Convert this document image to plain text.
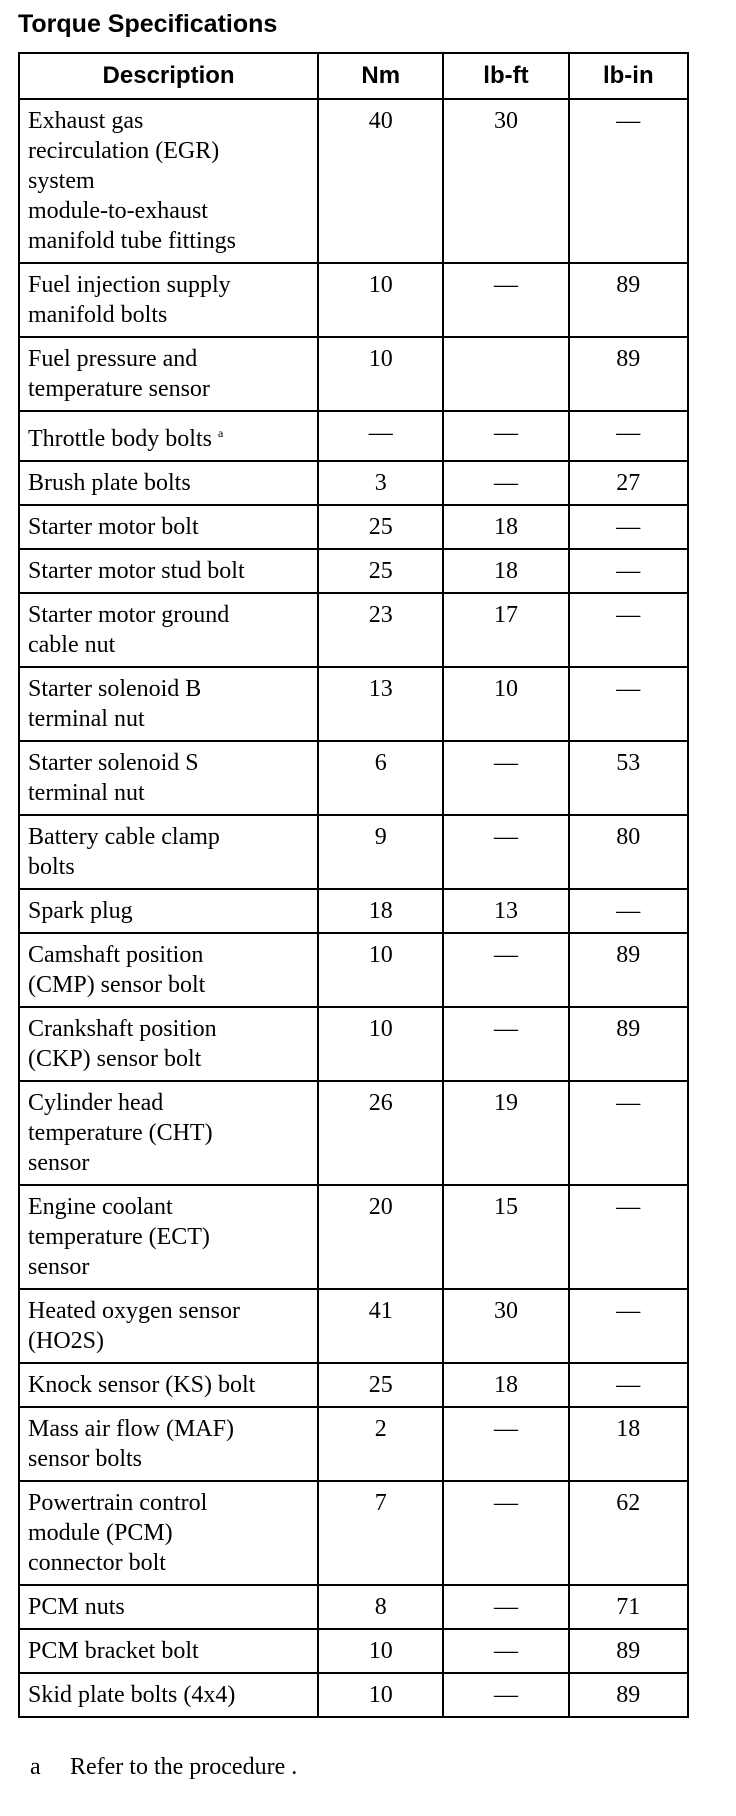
Torque Specifications
Description	Nm	lb-ft	lb-in
Exhaust gas
recirculation (EGR)
system
module-to-exhaust
manifold tube fittings	40	30	—
Fuel injection supply
manifold bolts	10	—	89
Fuel pressure and
temperature sensor	10		89
Throttle body bolts $^a$	—	—	—
Brush plate bolts	3	—	27
Starter motor bolt	25	18	—
Starter motor stud bolt	25	18	—
Starter motor ground
cable nut	23	17	—
Starter solenoid B
terminal nut	13	10	—
Starter solenoid S
terminal nut	6	—	53
Battery cable clamp
bolts	9	—	80
Spark plug	18	13	—
Camshaft position
(CMP) sensor bolt	10	—	89
Crankshaft position
(CKP) sensor bolt	10	—	89
Cylinder head
temperature (CHT)
sensor	26	19	—
Engine coolant
temperature (ECT)
sensor	20	15	—
Heated oxygen sensor
(HO2S)	41	30	—
Knock sensor (KS) bolt	25	18	—
Mass air flow (MAF)
sensor bolts	2	—	18
Powertrain control
module (PCM)
connector bolt	7	—	62
PCM nuts	8	—	71
PCM bracket bolt	10	—	89
Skid plate bolts (4x4)	10	—	89
a Refer to the procedure .
